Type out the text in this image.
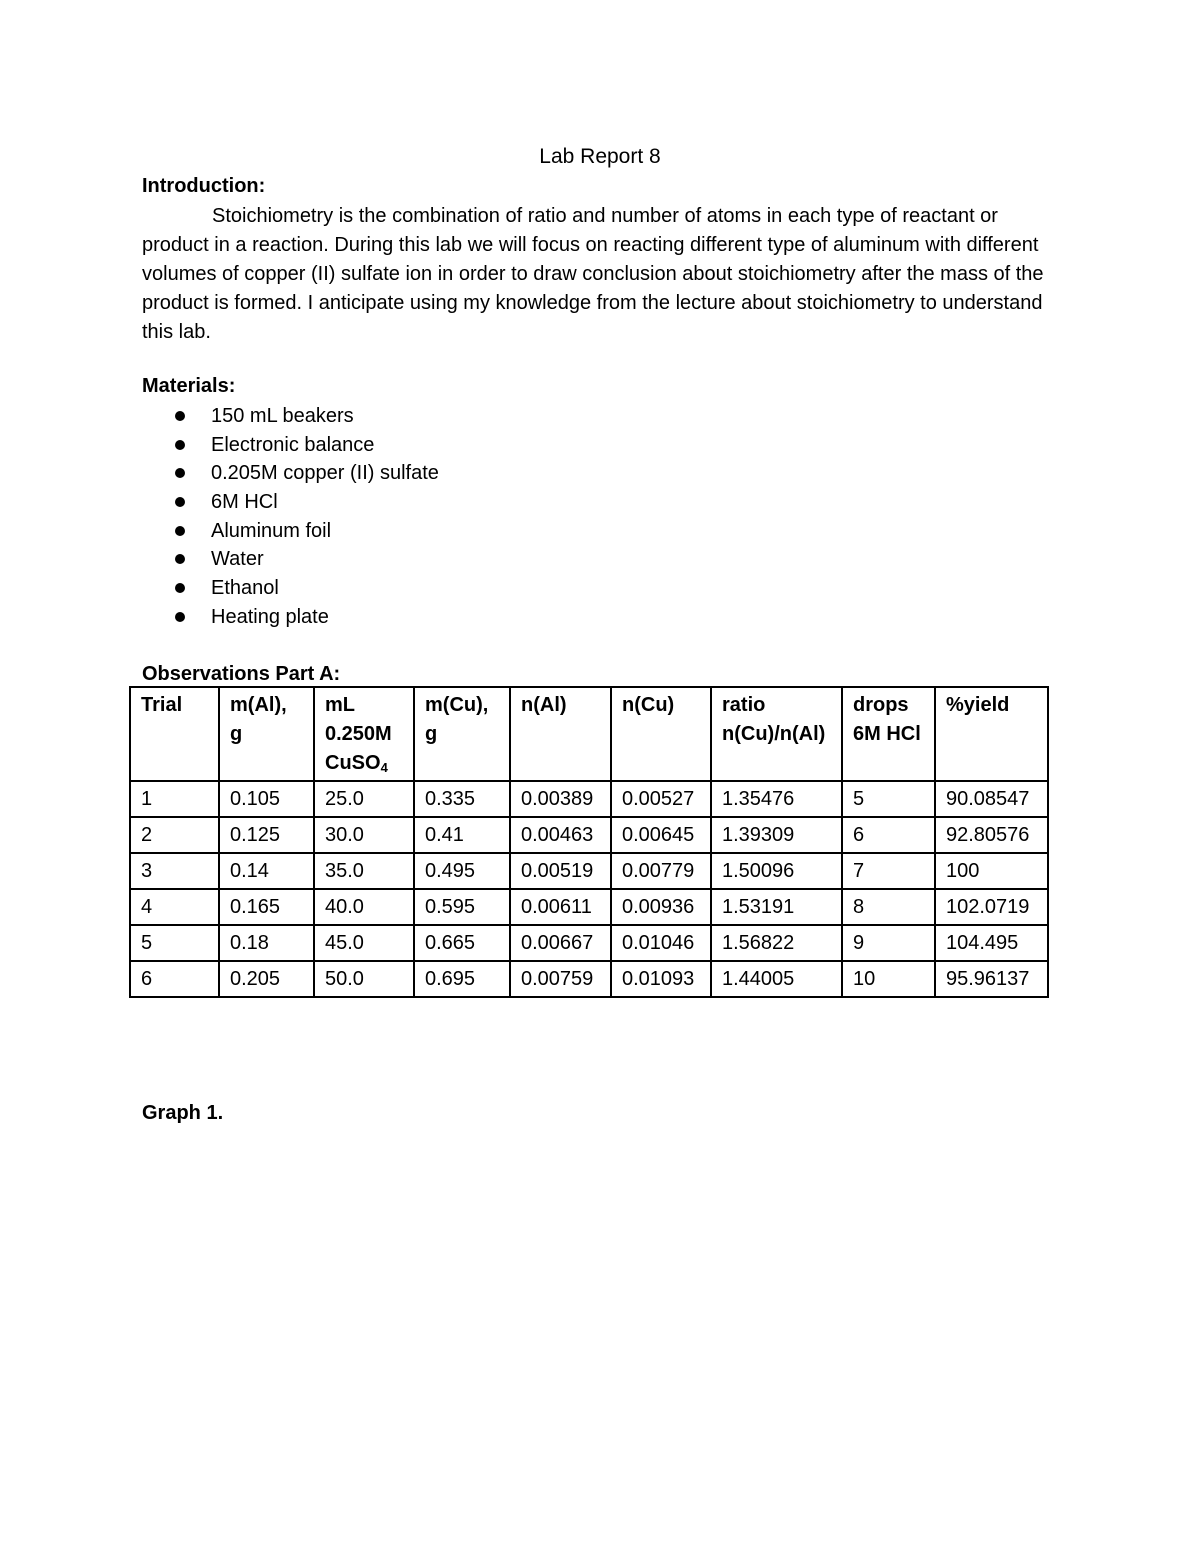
Lab Report 8
Introduction:

Stoichiometry is the combination of ratio and number of atoms in each type of reactant or product in a reaction. During this lab we will focus on reacting different type of aluminum with different volumes of copper (II) sulfate ion in order to draw conclusion about stoichiometry after the mass of the product is formed. I anticipate using my knowledge from the lecture about stoichiometry to understand this lab.

Materials:
150 mL beakers
Electronic balance
0.205M copper (II) sulfate
6M HCl
Aluminum foil
Water
Ethanol
Heating plate
Observations Part A:
Trial	m(Al), g	mL
0.250M
CuSO$_4$	m(Cu), g	n(Al)	n(Cu)	ratio n(Cu)/n(Al)	drops 6M HCl	%yield
1	0.105	25.0	0.335	0.00389	0.00527	1.35476	5	90.08547
2	0.125	30.0	0.41	0.00463	0.00645	1.39309	6	92.80576
3	0.14	35.0	0.495	0.00519	0.00779	1.50096	7	100
4	0.165	40.0	0.595	0.00611	0.00936	1.53191	8	102.0719
5	0.18	45.0	0.665	0.00667	0.01046	1.56822	9	104.495
6	0.205	50.0	0.695	0.00759	0.01093	1.44005	10	95.96137
Graph 1.
